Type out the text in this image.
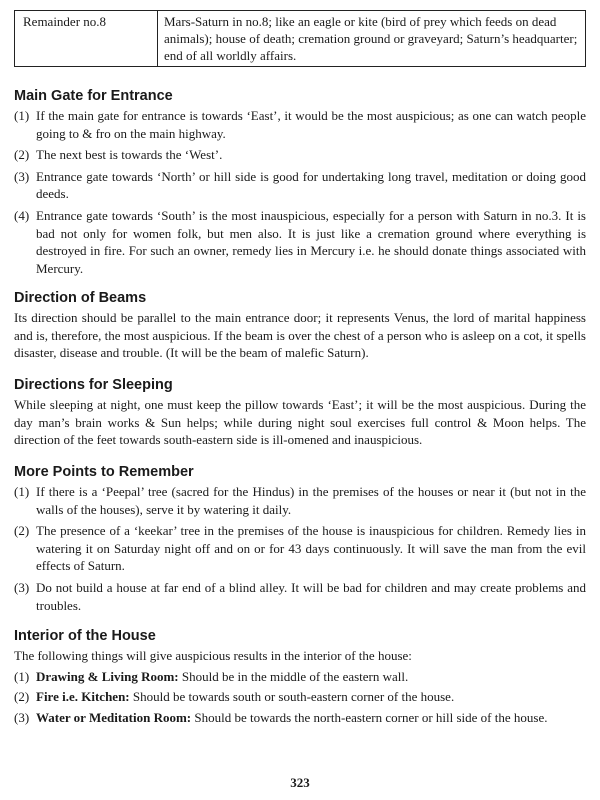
Remainder no.8	Mars-Saturn in no.8; like an eagle or kite (bird of prey which feeds on dead animals); house of death; cremation ground or graveyard; Saturn’s headquarter; end of all worldly affairs.
Main Gate for Entrance
(1) If the main gate for entrance is towards ‘East’, it would be the most auspicious; as one can watch people going to & fro on the main highway.
(2) The next best is towards the ‘West’.
(3) Entrance gate towards ‘North’ or hill side is good for undertaking long travel, meditation or doing good deeds.
(4) Entrance gate towards ‘South’ is the most inauspicious, especially for a person with Saturn in no.3. It is bad not only for women folk, but men also. It is just like a cremation ground where everything is destroyed in fire. For such an owner, remedy lies in Mercury i.e. he should donate things associated with Mercury.
Direction of Beams

Its direction should be parallel to the main entrance door; it represents Venus, the lord of marital happiness and is, therefore, the most auspicious. If the beam is over the chest of a person who is asleep on a cot, it spells disaster, disease and trouble. (It will be the beam of malefic Saturn).

Directions for Sleeping

While sleeping at night, one must keep the pillow towards ‘East’; it will be the most auspicious. During the day man’s brain works & Sun helps; while during night soul exercises full control & Moon helps. The direction of the feet towards south-eastern side is ill-omened and inauspicious.

More Points to Remember
(1) If there is a ‘Peepal’ tree (sacred for the Hindus) in the premises of the houses or near it (but not in the walls of the houses), serve it by watering it daily.
(2) The presence of a ‘keekar’ tree in the premises of the house is inauspicious for children. Remedy lies in watering it on Saturday night off and on or for 43 days continuously. It will save the man from the evil effects of Saturn.
(3) Do not build a house at far end of a blind alley. It will be bad for children and may create problems and troubles.
Interior of the House

The following things will give auspicious results in the interior of the house:

(1) Drawing & Living Room: Should be in the middle of the eastern wall.
(2) Fire i.e. Kitchen: Should be towards south or south-eastern corner of the house.
(3) Water or Meditation Room: Should be towards the north-eastern corner or hill side of the house.
323
